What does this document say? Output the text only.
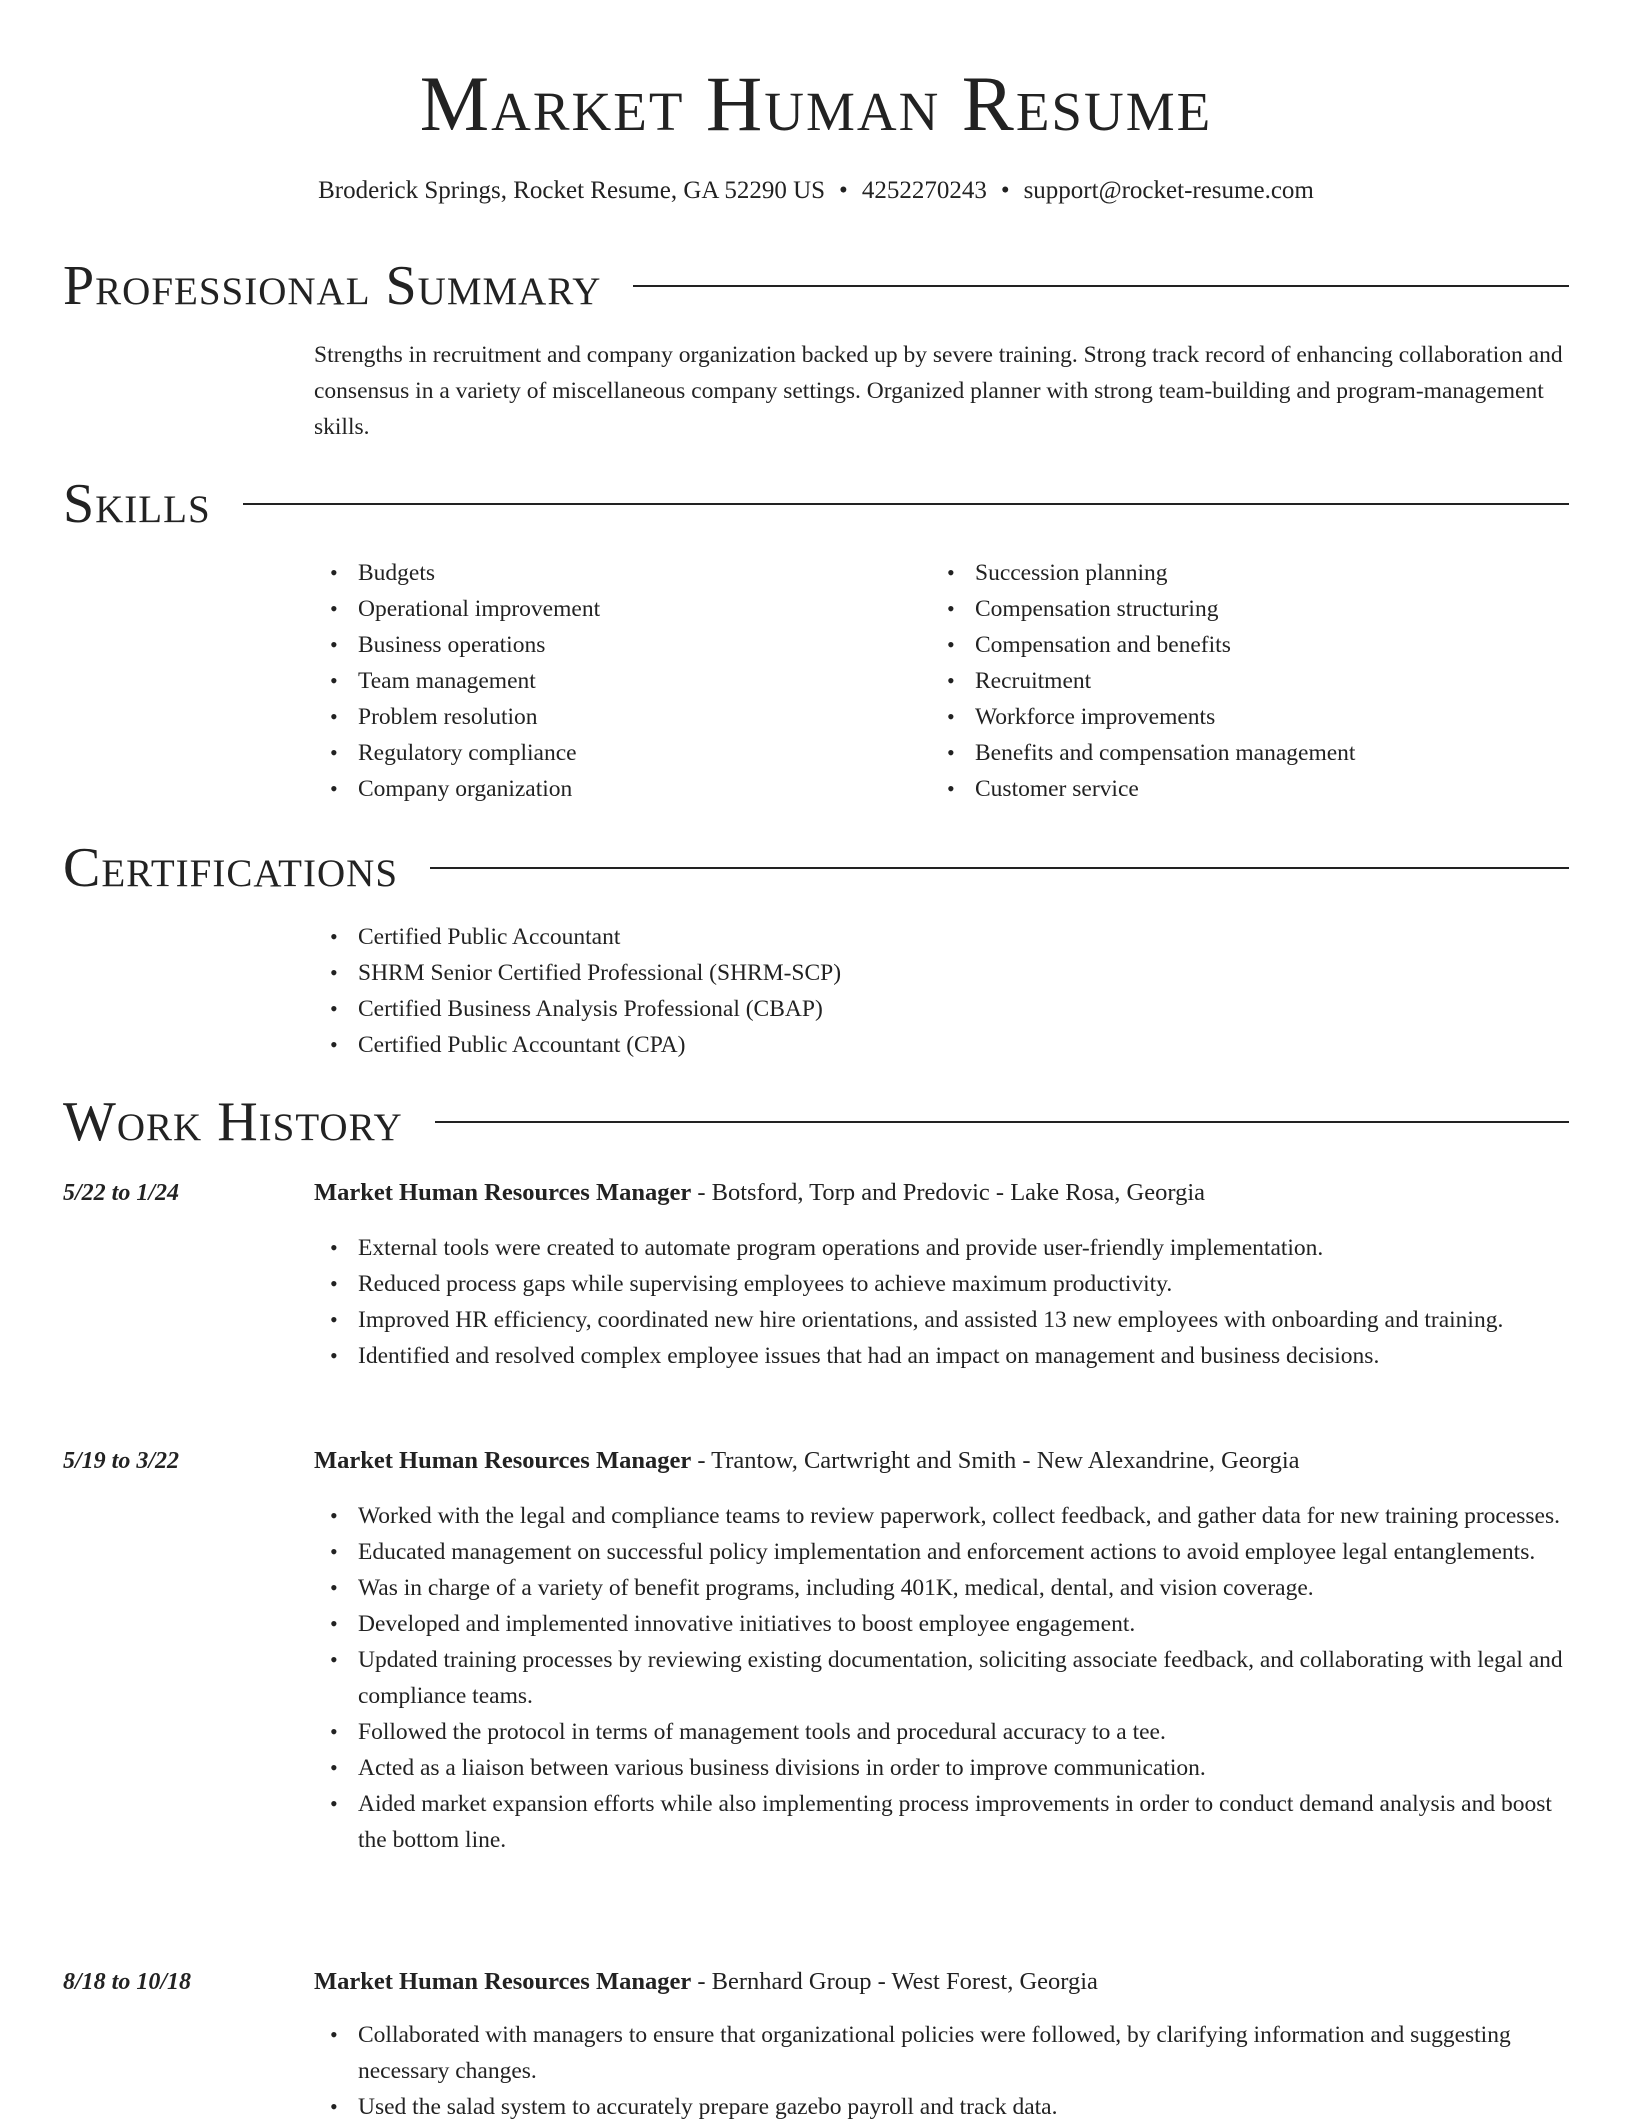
Market Human Resume
Broderick Springs, Rocket Resume, GA 52290 US • 4252270243 • support@rocket-resume.com
Professional Summary

Strengths in recruitment and company organization backed up by severe training. Strong track record of enhancing collaboration and consensus in a variety of miscellaneous company settings. Organized planner with strong team-building and program-management skills.

Skills
• Budgets
• Operational improvement
• Business operations
• Team management
• Problem resolution
• Regulatory compliance
• Company organization
• Succession planning
• Compensation structuring
• Compensation and benefits
• Recruitment
• Workforce improvements
• Benefits and compensation management
• Customer service
Certifications
• Certified Public Accountant
• SHRM Senior Certified Professional (SHRM-SCP)
• Certified Business Analysis Professional (CBAP)
• Certified Public Accountant (CPA)
Work History
5/22 to 1/24	Market Human Resources Manager - Botsford, Torp and Predovic - Lake Rosa, Georgia
• External tools were created to automate program operations and provide user-friendly implementation.
• Reduced process gaps while supervising employees to achieve maximum productivity.
• Improved HR efficiency, coordinated new hire orientations, and assisted 13 new employees with onboarding and training.
• Identified and resolved complex employee issues that had an impact on management and business decisions.
5/19 to 3/22	Market Human Resources Manager - Trantow, Cartwright and Smith - New Alexandrine, Georgia
• Worked with the legal and compliance teams to review paperwork, collect feedback, and gather data for new training processes.
• Educated management on successful policy implementation and enforcement actions to avoid employee legal entanglements.
• Was in charge of a variety of benefit programs, including 401K, medical, dental, and vision coverage.
• Developed and implemented innovative initiatives to boost employee engagement.
• Updated training processes by reviewing existing documentation, soliciting associate feedback, and collaborating with legal and compliance teams.
• Followed the protocol in terms of management tools and procedural accuracy to a tee.
• Acted as a liaison between various business divisions in order to improve communication.
• Aided market expansion efforts while also implementing process improvements in order to conduct demand analysis and boost the bottom line.
8/18 to 10/18	Market Human Resources Manager - Bernhard Group - West Forest, Georgia
• Collaborated with managers to ensure that organizational policies were followed, by clarifying information and suggesting necessary changes.
• Used the salad system to accurately prepare gazebo payroll and track data.
